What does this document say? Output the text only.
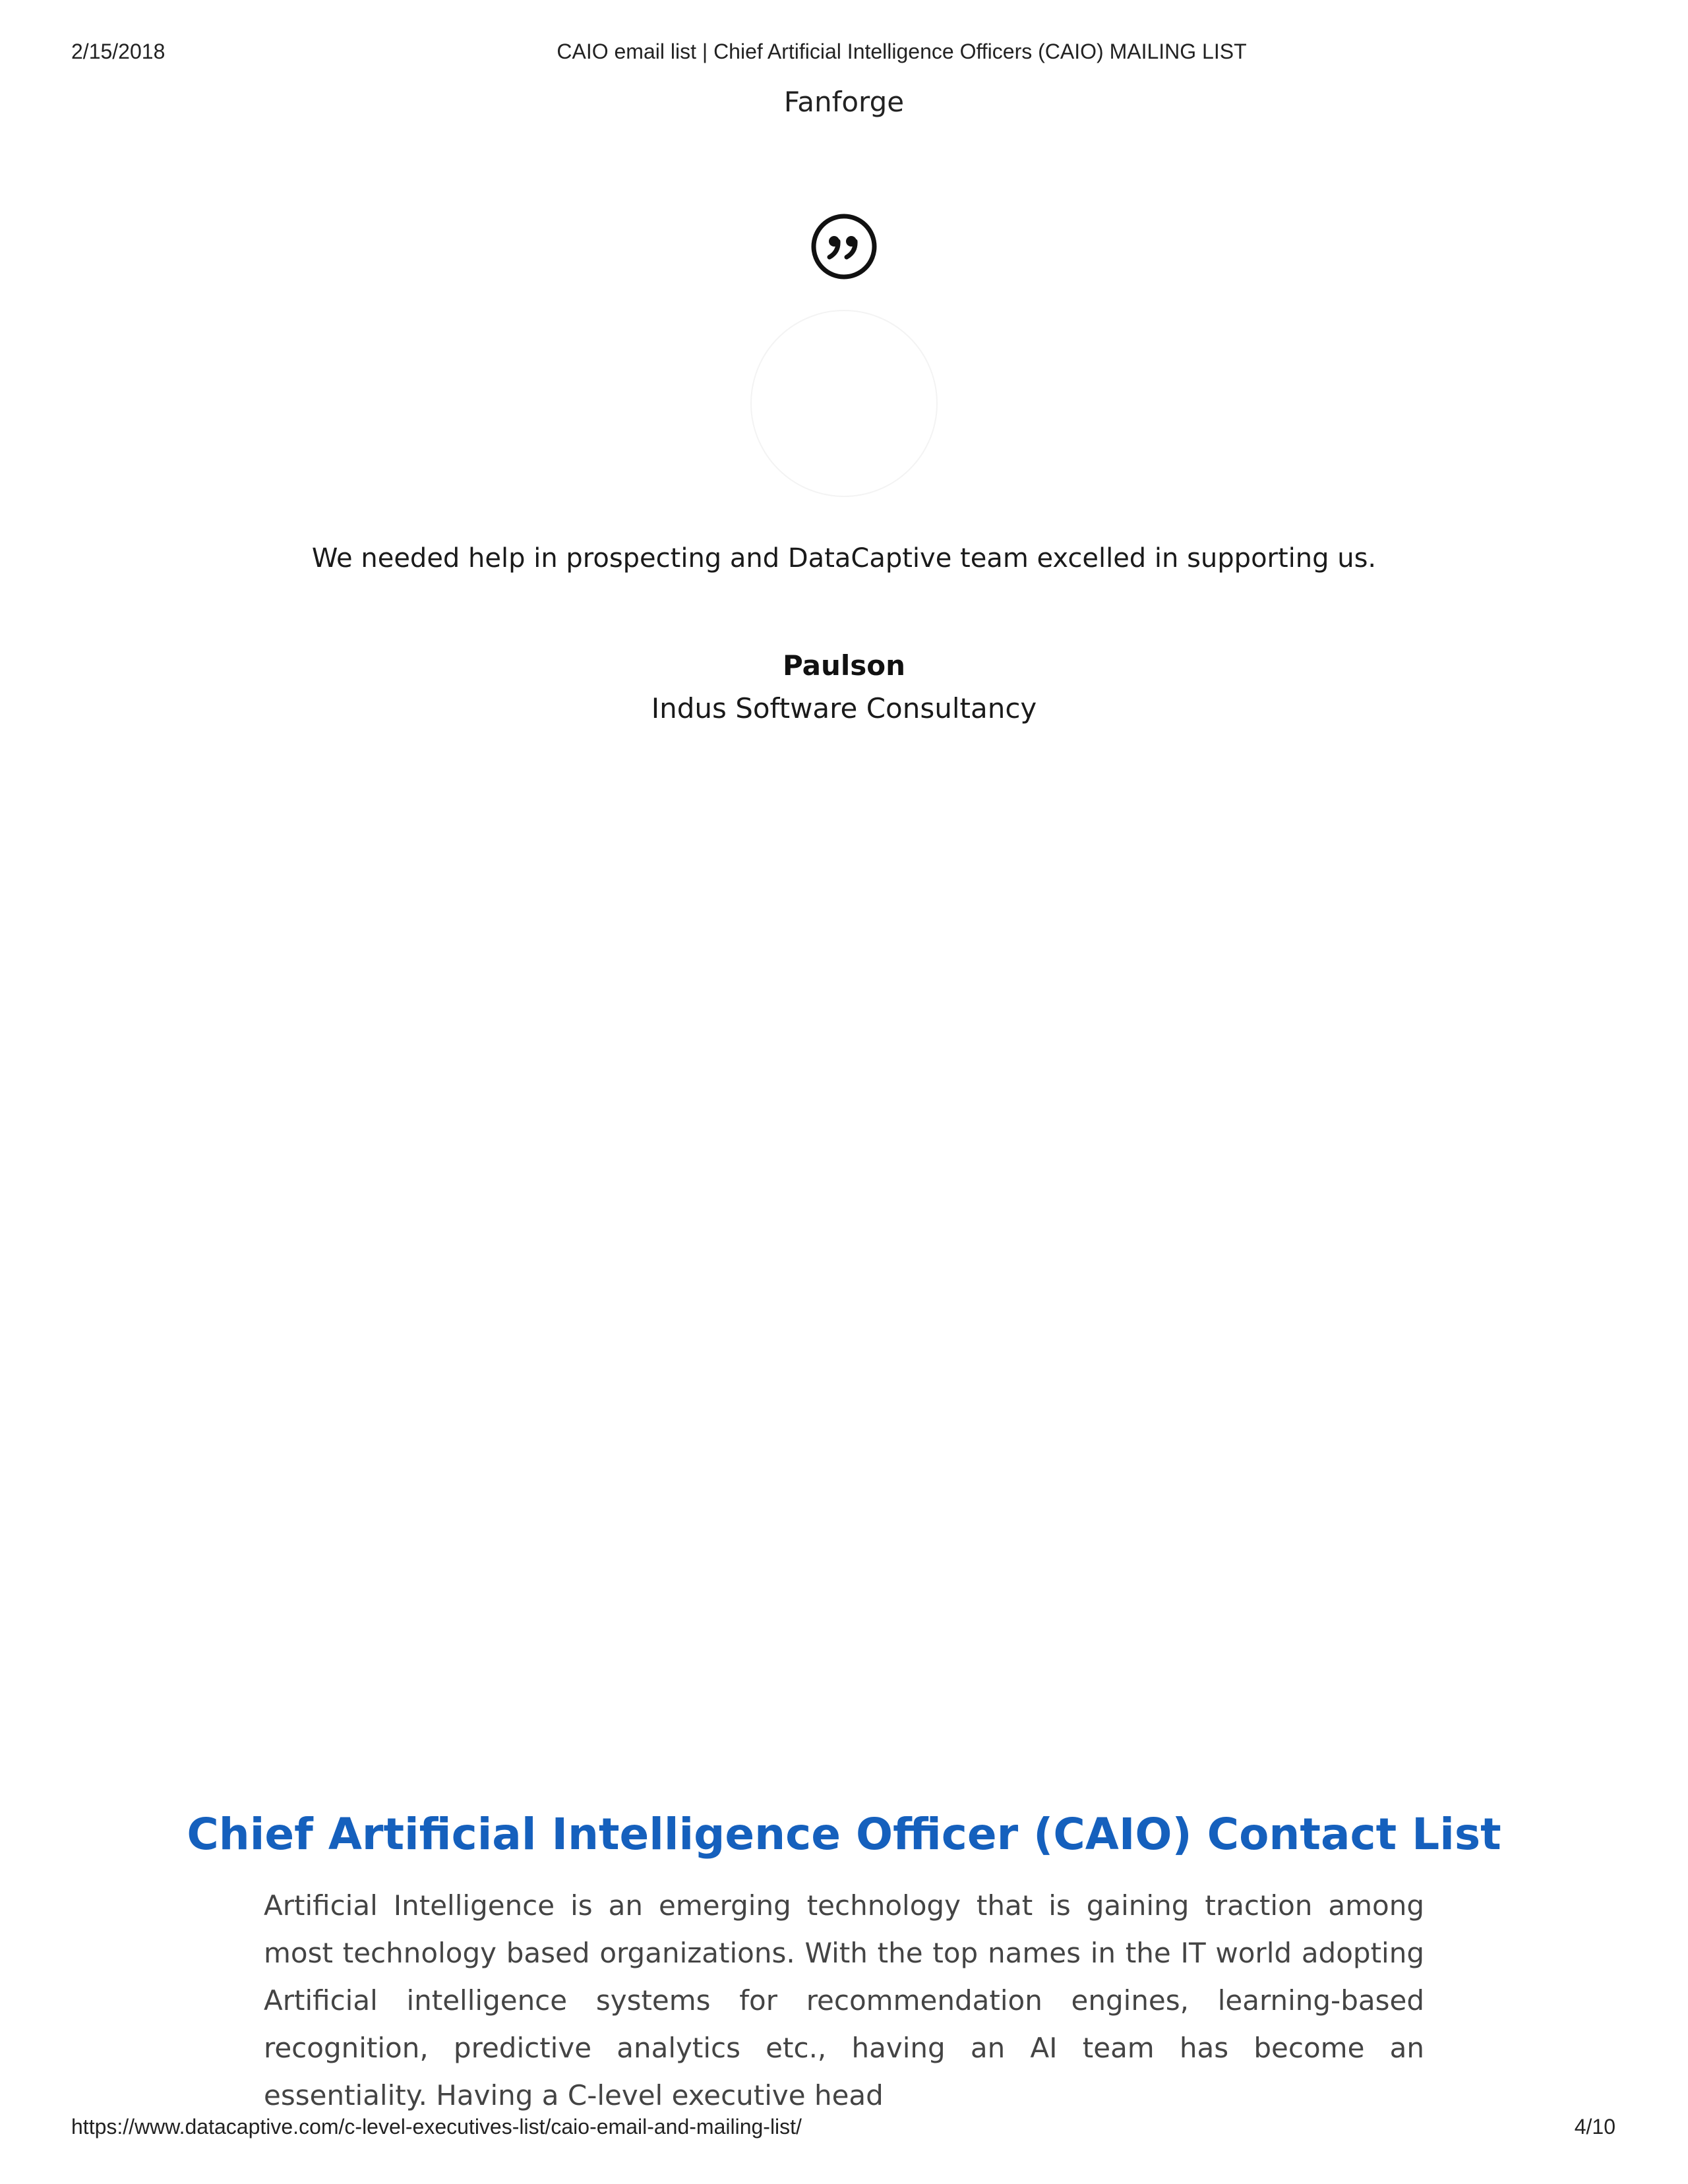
2/15/2018	CAIO email list | Chief Artificial Intelligence Officers (CAIO) MAILING LIST
Fanforge
We needed help in prospecting and DataCaptive team excelled in supporting us.
Paulson
Indus Software Consultancy
Chief Artificial Intelligence Officer (CAIO) Contact List

Artificial Intelligence is an emerging technology that is gaining traction among most technology based organizations. With the top names in the IT world adopting Artificial intelligence systems for recommendation engines, learning-based recognition, predictive analytics etc., having an AI team has become an essentiality. Having a C-level executive head

https://www.datacaptive.com/c-level-executives-list/caio-email-and-mailing-list/	4/10
